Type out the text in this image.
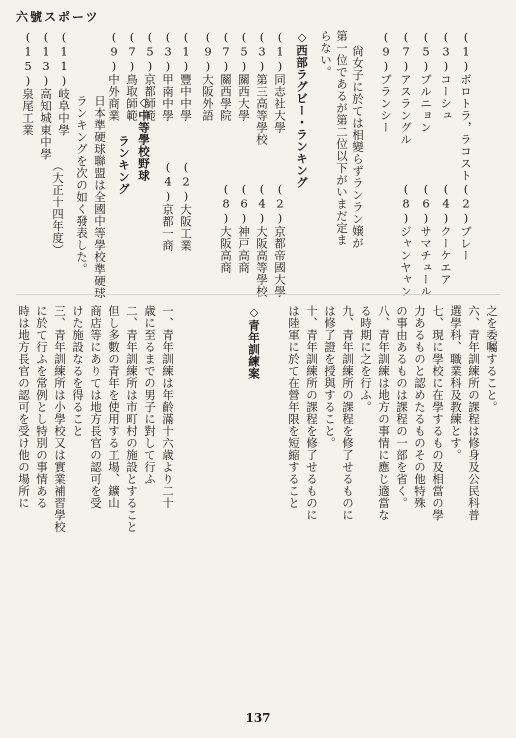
六號スポーツ
(1)ボロトラ，ラコスト
(2)ブレー
(3)コーシュ
(4)クーケエア
(5)ブルニョン
(6)サマチュール
(7)アスラングル
(8)ジャンヤャン
(9)ブランシー
尙女子に於ては相變らずランラン嬢が
第一位であるが第二位以下がいまだ定ま
らない。
◇西部ラグビー・ランキング
(1)同志社大學
(2)京都帝國大學
(3)第三高等學校
(4)大阪高等學校
(5)關西大學
(6)神戸高商
(7)關西學院
(8)大阪高商
(9)大阪外語
◇中等學校野球
ランキング
日本準硬球聯盟は全國中等學校準硬球
ランキングを次の如く發表した。
（大正十四年度）
(1)豐中中學
(2)大阪工業
(3)甲南中學
(4)京都一商
(5)京都師範
(7)鳥取師範
(9)中外商業
(11)岐阜中學
(13)高知城東中學
(15)泉尾工業
◇青年訓練案
時は地方長官の認可を受け他の場所に に於て行ふを常例とし特別の事情ある 三、青年訓練所は小學校又は實業補習學校 けた施設なるを得ること 商店等にありては地方長官の認可を受 但し多數の青年を使用する工場、鑛山 二、青年訓練所は市町村の施設とすること 歳に至るまでの男子に對して行ふ 一、青年訓練は年齡滿十六歳より二十	は陸軍に於て在營年限を短縮すること 十、青年訓練所の課程を修了せるものに は修了證を授與すること。 九、青年訓練所の課程を修了せるものに る時期に之を行ふ。 八、青年訓練は地方の事情に應じ適當な の事由あるものは課程の一部を省く。 力あるものと認めたるものその他特殊 七、現に學校に在學するもの及相當の學 選學科、職業科及教練とす。 六、青年訓練所の課程は修身及公民科普 之を委囑すること。
137
